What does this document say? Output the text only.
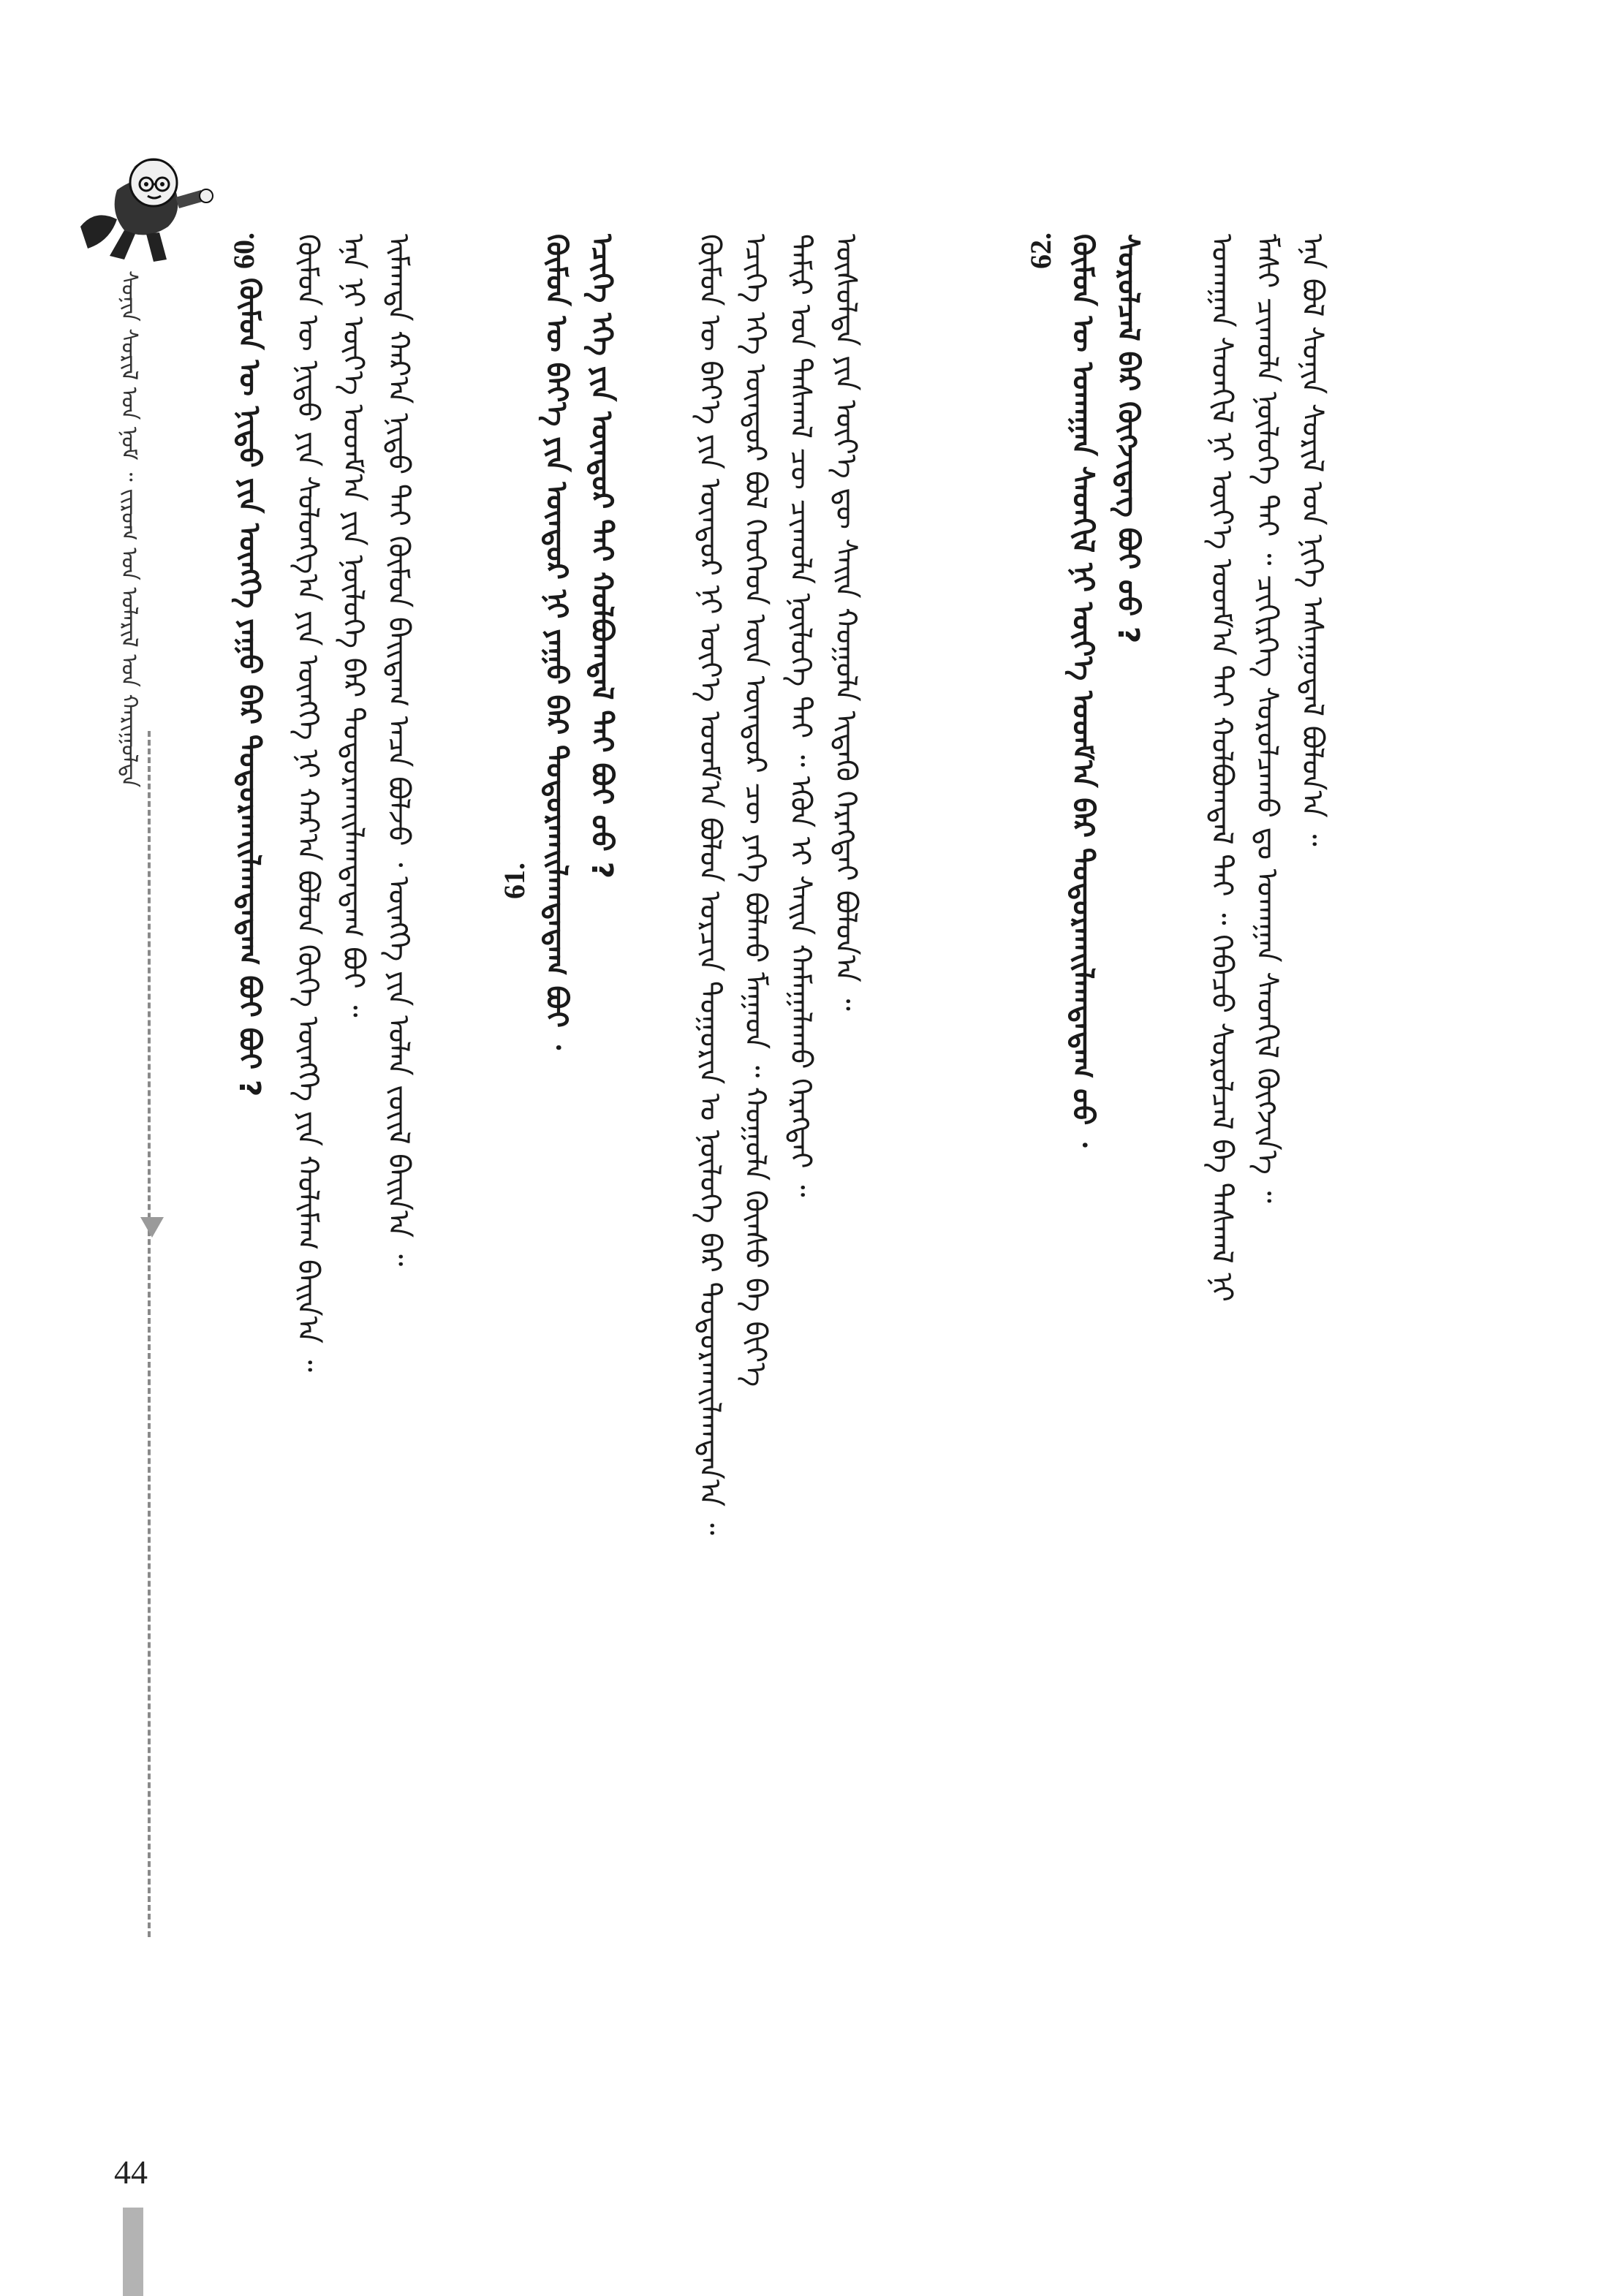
ᠰᠣᠨᠢᠨ ᠰᠣᠷᠢᠯ ᠤᠨ ᠨᠣᠮ ᠃ ᠵᠢᠷᠤᠭ ᠤᠨ ᠤᠯᠠᠷᠢᠯ ᠤᠨ ᠬᠠᠷᠢᠭᠤᠯᠲᠠ
60.
ᠬᠦᠮᠦᠨ ᠦ ᠨᠢᠳᠦ ᠶᠢᠨ ᠥᠩᠭᠡ ᠶᠠᠭᠤ ᠪᠡᠷ ᠲᠣᠳᠣᠷᠬᠠᠢᠯᠠᠭᠳᠠᠳᠠᠭ ᠪᠤᠢ ᠪᠤᠢ ? ᠬᠦᠮᠦᠨ ᠦ ᠨᠢᠳᠦ ᠶᠢᠨ ᠰᠣᠯᠣᠩᠭ᠎ᠠ ᠶᠢᠨ ᠥᠩᠭᠡ ᠨᠢ ᠬᠠᠷ᠎ᠠ ᠪᠣᠯᠤᠨ ᠬᠥᠬᠡ ᠥᠩᠭᠡ ᠶᠢᠨ ᠬᠣᠯᠢᠮᠠᠭ ᠪᠠᠢᠨ᠎ᠠ ᠃ ᠡᠨᠡ ᠨᠢ ᠦᠶ᠎ᠡ ᠤᠳᠮ᠎ᠠ ᠶᠢᠨ ᠨᠥᠯᠥᠭᠡ ᠪᠡᠷ ᠲᠣᠳᠣᠷᠬᠠᠢᠯᠠᠭᠳᠠᠳᠠᠭ ᠪᠤᠢ ᠃ ᠢᠮᠠᠭᠳᠠ ᠬᠠᠷ᠎ᠠ ᠨᠢᠳᠦ ᠲᠠᠢ ᠬᠦᠮᠦᠨ ᠪᠠᠢᠳᠠᠭ ᠠᠴᠠ ᠪᠣᠯᠵᠤ ᠂ ᠥᠩᠭᠡ ᠶᠢᠨ ᠣᠯᠠᠨ ᠵᠦᠢᠯ ᠪᠠᠢᠨ᠎ᠠ ᠃	61. ᠬᠦᠮᠦᠨ ᠦ ᠪᠡᠶ᠎ᠡ ᠶᠢᠨ ᠥᠨᠳᠥᠷ ᠨᠢ ᠶᠠᠭᠤ ᠪᠡᠷ ᠲᠣᠳᠣᠷᠬᠠᠢᠯᠠᠭᠳᠠᠳᠠᠭ ᠪᠤᠢ ᠂ ᠡᠴᠢᠭᠡ ᠡᠬᠡ ᠶᠢᠨ ᠥᠨᠳᠥᠷ ᠲᠡᠢ ᠬᠣᠯᠪᠣᠭᠳᠠᠯ ᠲᠠᠢ ᠪᠤᠢ ᠤᠤ ?	ᠬᠦᠮᠦᠨ ᠦ ᠪᠡᠶ᠎ᠡ ᠶᠢᠨ ᠥᠨᠳᠥᠷ ᠨᠢ ᠦᠶ᠎ᠡ ᠤᠳᠮ᠎ᠠ ᠪᠣᠯᠣᠨ ᠣᠷᠴᠢᠨ ᠲᠣᠭᠣᠷᠢᠨ ᠤ ᠨᠥᠯᠥᠭᠡ ᠪᠡᠷ ᠲᠣᠳᠣᠷᠬᠠᠢᠯᠠᠭᠳᠠᠨ᠎ᠠ ᠃ ᠡᠴᠢᠭᠡ ᠡᠬᠡ ᠥᠨᠳᠥᠷ ᠪᠣᠯ ᠬᠡᠦᠬᠡᠳ ᠦᠨ ᠥᠨᠳᠥᠷ ᠴᠦ ᠶᠡᠬᠡ ᠪᠣᠯᠬᠤ ᠮᠠᠭᠠᠳ ᠃ ᠬᠣᠭᠣᠯᠠ ᠬᠦᠨᠰᠦ ᠪᠠ ᠪᠢᠶ᠎ᠡ ᠲᠠᠮᠢᠷ ᠤᠨ ᠳᠠᠰᠬᠠᠯ ᠴᠦ ᠴᠢᠬᠤᠯᠠ ᠨᠥᠯᠥᠭᠡ ᠲᠠᠢ ᠃ ᠡᠭᠦᠨ ᠢ ᠰᠠᠢᠨ ᠬᠠᠮᠠᠭᠠᠯᠠᠬᠤ ᠬᠡᠷᠡᠭᠲᠡᠢ ᠃ ᠥᠰᠦᠯᠲᠡ ᠶᠢᠨ ᠦᠶ᠎ᠡ ᠳᠦ ᠰᠠᠢᠨ ᠬᠣᠭᠣᠯᠠ ᠢᠳᠡᠬᠦ ᠬᠡᠷᠡᠭᠲᠡᠢ ᠪᠣᠯᠤᠨ᠎ᠠ ᠃	62. ᠬᠦᠮᠦᠨ ᠦ ᠤᠬᠠᠭᠠᠨ ᠰᠡᠳᠬᠢᠯ ᠨᠢ ᠦᠶ᠎ᠡ ᠤᠳᠮ᠎ᠠ ᠪᠠᠷ ᠲᠣᠳᠣᠷᠬᠠᠢᠯᠠᠭᠳᠠᠳᠠᠭ ᠤᠤ ᠂ ᠰᠤᠷᠤᠯᠴᠠᠯ ᠪᠠᠷ ᠬᠥᠭᠵᠢᠳᠡᠭ ᠪᠤᠢ ᠤᠤ ? ᠤᠬᠠᠭᠠᠨ ᠰᠡᠳᠬᠢᠯ ᠨᠢ ᠦᠶ᠎ᠡ ᠤᠳᠮ᠎ᠠ ᠲᠠᠢ ᠬᠣᠯᠪᠣᠭᠳᠠᠯ ᠲᠠᠢ ᠃ ᠭᠡᠪᠡᠴᠦ ᠰᠤᠷᠤᠯᠴᠠᠯ ᠪᠠ ᠳᠠᠰᠬᠠᠯ ᠨᠢ ᠮᠠᠰᠢ ᠴᠢᠬᠤᠯᠠ ᠨᠥᠯᠥᠭᠡ ᠲᠠᠢ ᠃ ᠴᠢᠬᠢᠷᠬᠡᠭ ᠰᠤᠷᠤᠯᠴᠠᠬᠤ ᠳᠤ ᠤᠬᠠᠭᠠᠨ ᠰᠡᠳᠬᠢᠯ ᠬᠥᠭᠵᠢᠨ᠎ᠡ ᠃ ᠡᠨᠡ ᠪᠣᠯ ᠰᠣᠨᠢᠨ ᠰᠣᠷᠢᠯ ᠤᠨ ᠨᠢᠭᠡ ᠠᠰᠠᠭᠤᠳᠠᠯ ᠪᠣᠯᠤᠨ᠎ᠠ ᠃
44
